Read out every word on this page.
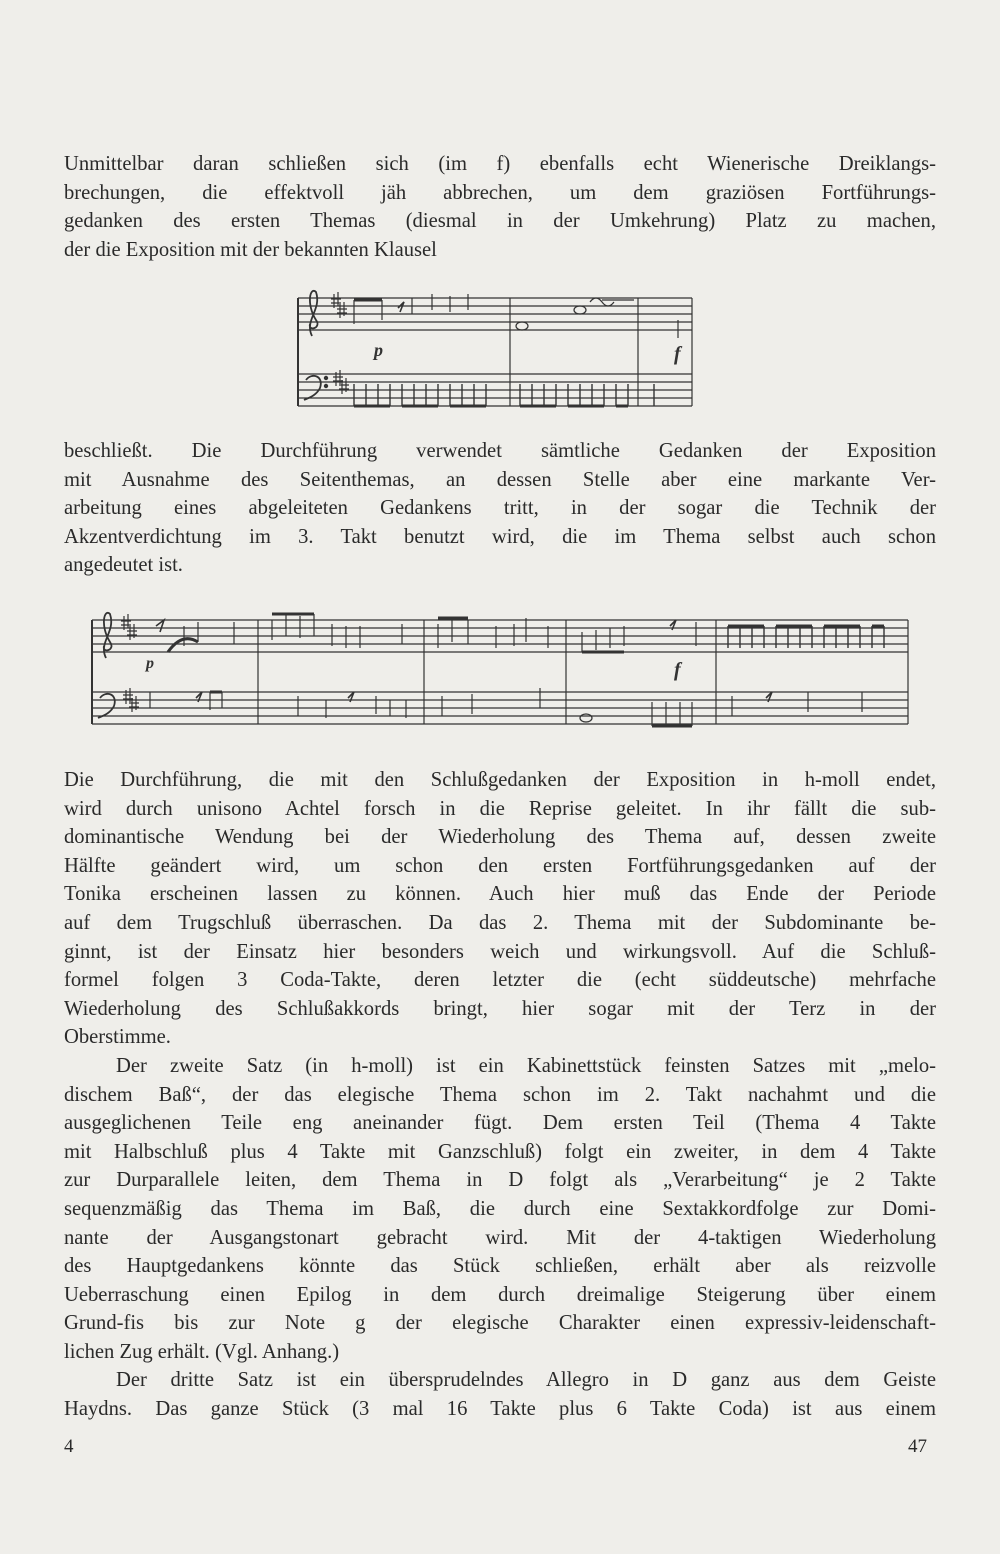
Unmittelbar daran schließen sich (im f) ebenfalls echt Wienerische Dreiklangs-
brechungen, die effektvoll jäh abbrechen, um dem graziösen Fortführungs-
gedanken des ersten Themas (diesmal in der Umkehrung) Platz zu machen,
der die Exposition mit der bekannten Klausel

p	f

beschließt. Die Durchführung verwendet sämtliche Gedanken der Exposition
mit Ausnahme des Seitenthemas, an dessen Stelle aber eine markante Ver-
arbeitung eines abgeleiteten Gedankens tritt, in der sogar die Technik der
Akzentverdichtung im 3. Takt benutzt wird, die im Thema selbst auch schon
angedeutet ist.

p	f

Die Durchführung, die mit den Schlußgedanken der Exposition in h-moll endet,
wird durch unisono Achtel forsch in die Reprise geleitet. In ihr fällt die sub-
dominantische Wendung bei der Wiederholung des Thema auf, dessen zweite
Hälfte geändert wird, um schon den ersten Fortführungsgedanken auf der
Tonika erscheinen lassen zu können. Auch hier muß das Ende der Periode
auf dem Trugschluß überraschen. Da das 2. Thema mit der Subdominante be-
ginnt, ist der Einsatz hier besonders weich und wirkungsvoll. Auf die Schluß-
formel folgen 3 Coda-Takte, deren letzter die (echt süddeutsche) mehrfache
Wiederholung des Schlußakkords bringt, hier sogar mit der Terz in der
Oberstimme.

Der zweite Satz (in h-moll) ist ein Kabinettstück feinsten Satzes mit „melo-
dischem Baß“, der das elegische Thema schon im 2. Takt nachahmt und die
ausgeglichenen Teile eng aneinander fügt. Dem ersten Teil (Thema 4 Takte
mit Halbschluß plus 4 Takte mit Ganzschluß) folgt ein zweiter, in dem 4 Takte
zur Durparallele leiten, dem Thema in D folgt als „Verarbeitung“ je 2 Takte
sequenzmäßig das Thema im Baß, die durch eine Sextakkordfolge zur Domi-
nante der Ausgangstonart gebracht wird. Mit der 4-taktigen Wiederholung
des Hauptgedankens könnte das Stück schließen, erhält aber als reizvolle
Ueberraschung einen Epilog in dem durch dreimalige Steigerung über einem
Grund-fis bis zur Note g der elegische Charakter einen expressiv-leidenschaft-
lichen Zug erhält. (Vgl. Anhang.)

Der dritte Satz ist ein übersprudelndes Allegro in D ganz aus dem Geiste
Haydns. Das ganze Stück (3 mal 16 Takte plus 6 Takte Coda) ist aus einem

4	47
